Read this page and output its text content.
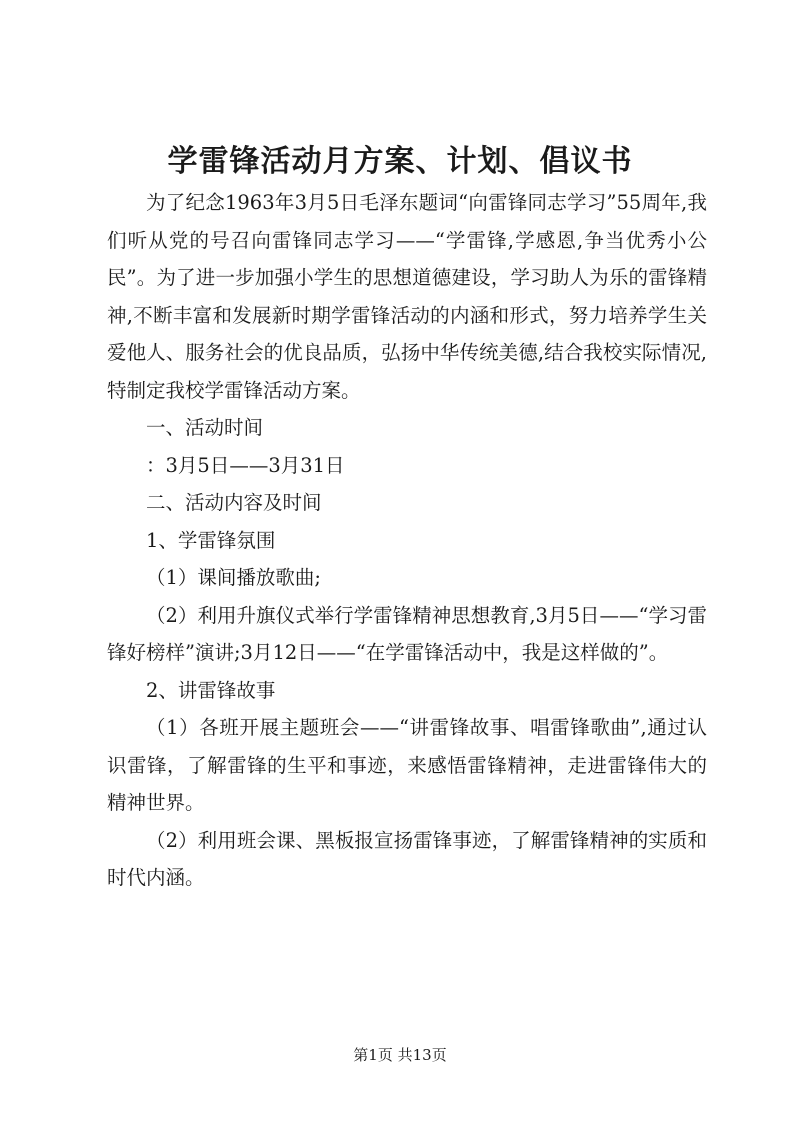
学雷锋活动月方案、计划、倡议书

为了纪念1963年3月5日毛泽东题词“向雷锋同志学习”55周年,我们听从党的号召向雷锋同志学习——“学雷锋,学感恩,争当优秀小公民”。为了进一步加强小学生的思想道德建设，学习助人为乐的雷锋精神,不断丰富和发展新时期学雷锋活动的内涵和形式，努力培养学生关爱他人、服务社会的优良品质，弘扬中华传统美德,结合我校实际情况,特制定我校学雷锋活动方案。

一、活动时间

：3月5日——3月31日

二、活动内容及时间

1、学雷锋氛围

（1）课间播放歌曲;

（2）利用升旗仪式举行学雷锋精神思想教育,3月5日——“学习雷锋好榜样”演讲;3月12日——“在学雷锋活动中，我是这样做的”。

2、讲雷锋故事

（1）各班开展主题班会——“讲雷锋故事、唱雷锋歌曲”,通过认识雷锋，了解雷锋的生平和事迹，来感悟雷锋精神，走进雷锋伟大的精神世界。

（2）利用班会课、黑板报宣扬雷锋事迹，了解雷锋精神的实质和时代内涵。

第1页 共13页
